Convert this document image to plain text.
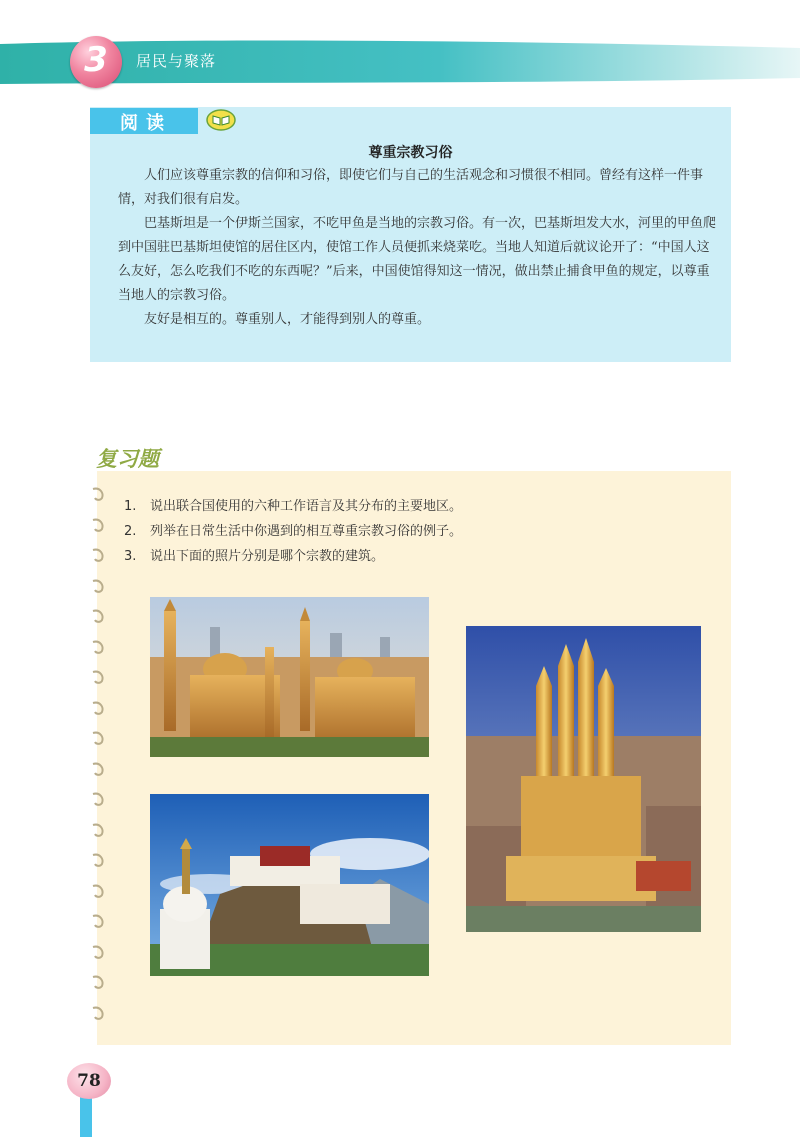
3	居民与聚落
阅读
尊重宗教习俗

人们应该尊重宗教的信仰和习俗，即使它们与自己的生活观念和习惯很不相同。曾经有这样一件事情，对我们很有启发。

巴基斯坦是一个伊斯兰国家，不吃甲鱼是当地的宗教习俗。有一次，巴基斯坦发大水，河里的甲鱼爬到中国驻巴基斯坦使馆的居住区内，使馆工作人员便抓来烧菜吃。当地人知道后就议论开了：“中国人这么友好，怎么吃我们不吃的东西呢？”后来，中国使馆得知这一情况，做出禁止捕食甲鱼的规定，以尊重当地人的宗教习俗。

友好是相互的。尊重别人，才能得到别人的尊重。

复习题
1.	说出联合国使用的六种工作语言及其分布的主要地区。
2.	列举在日常生活中你遇到的相互尊重宗教习俗的例子。
3.	说出下面的照片分别是哪个宗教的建筑。
78
